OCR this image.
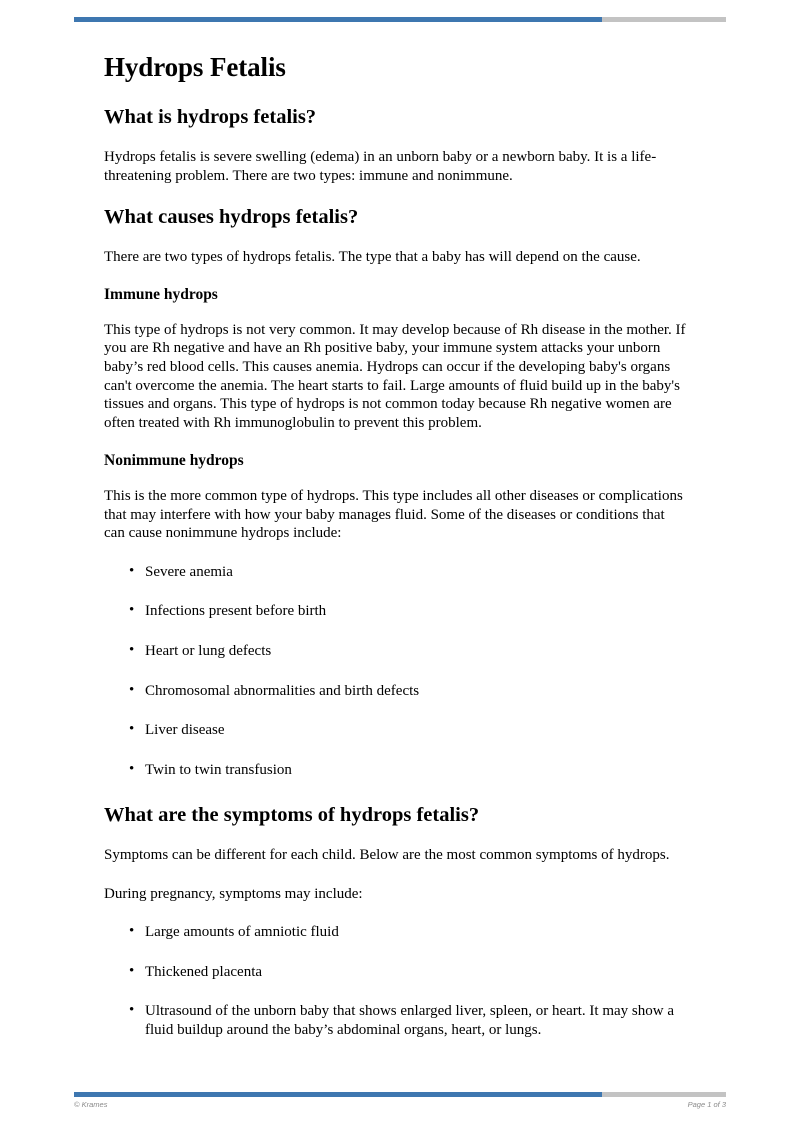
Hydrops Fetalis
What is hydrops fetalis?

Hydrops fetalis is severe swelling (edema) in an unborn baby or a newborn baby. It is a life-threatening problem. There are two types: immune and nonimmune.

What causes hydrops fetalis?

There are two types of hydrops fetalis. The type that a baby has will depend on the cause.

Immune hydrops

This type of hydrops is not very common. It may develop because of Rh disease in the mother. If you are Rh negative and have an Rh positive baby, your immune system attacks your unborn baby’s red blood cells. This causes anemia. Hydrops can occur if the developing baby's organs can't overcome the anemia. The heart starts to fail. Large amounts of fluid build up in the baby's tissues and organs. This type of hydrops is not common today because Rh negative women are often treated with Rh immunoglobulin to prevent this problem.

Nonimmune hydrops

This is the more common type of hydrops. This type includes all other diseases or complications that may interfere with how your baby manages fluid. Some of the diseases or conditions that can cause nonimmune hydrops include:

• Severe anemia
• Infections present before birth
• Heart or lung defects
• Chromosomal abnormalities and birth defects
• Liver disease
• Twin to twin transfusion
What are the symptoms of hydrops fetalis?

Symptoms can be different for each child. Below are the most common symptoms of hydrops.

During pregnancy, symptoms may include:

• Large amounts of amniotic fluid
• Thickened placenta
• Ultrasound of the unborn baby that shows enlarged liver, spleen, or heart. It may show a fluid buildup around the baby’s abdominal organs, heart, or lungs.
© Krames	Page 1 of 3
